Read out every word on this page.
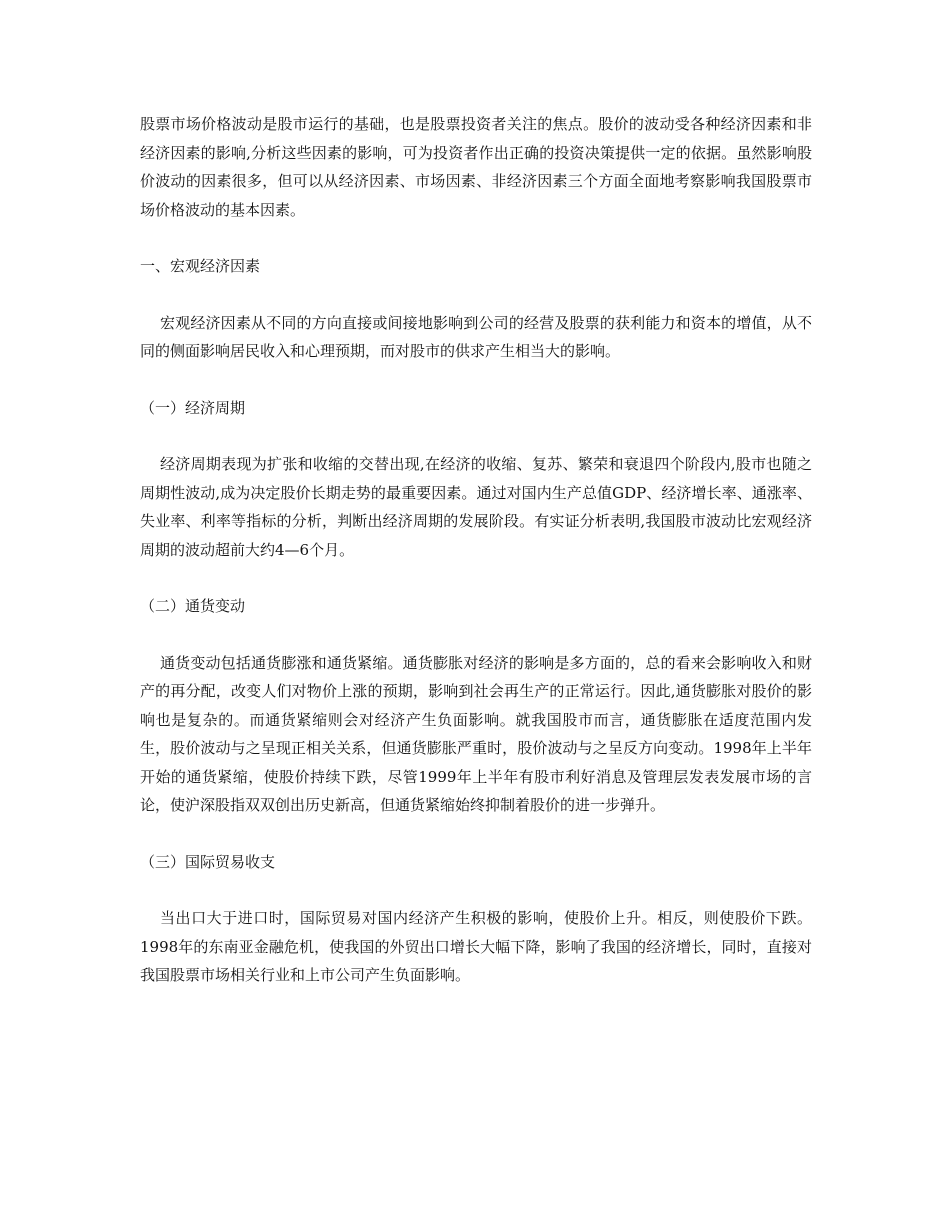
股票市场价格波动是股市运行的基础，也是股票投资者关注的焦点。股价的波动受各种经济因素和非经济因素的影响,分析这些因素的影响，可为投资者作出正确的投资决策提供一定的依据。虽然影响股价波动的因素很多，但可以从经济因素、市场因素、非经济因素三个方面全面地考察影响我国股票市场价格波动的基本因素。

一、宏观经济因素

宏观经济因素从不同的方向直接或间接地影响到公司的经营及股票的获利能力和资本的增值，从不同的侧面影响居民收入和心理预期，而对股市的供求产生相当大的影响。

（一）经济周期

经济周期表现为扩张和收缩的交替出现,在经济的收缩、复苏、繁荣和衰退四个阶段内,股市也随之周期性波动,成为决定股价长期走势的最重要因素。通过对国内生产总值GDP、经济增长率、通涨率、失业率、利率等指标的分析，判断出经济周期的发展阶段。有实证分析表明,我国股市波动比宏观经济周期的波动超前大约4—6个月。

（二）通货变动

通货变动包括通货膨涨和通货紧缩。通货膨胀对经济的影响是多方面的，总的看来会影响收入和财产的再分配，改变人们对物价上涨的预期，影响到社会再生产的正常运行。因此,通货膨胀对股价的影响也是复杂的。而通货紧缩则会对经济产生负面影响。就我国股市而言，通货膨胀在适度范围内发生，股价波动与之呈现正相关关系，但通货膨胀严重时，股价波动与之呈反方向变动。1998年上半年开始的通货紧缩，使股价持续下跌，尽管1999年上半年有股市利好消息及管理层发表发展市场的言论，使沪深股指双双创出历史新高，但通货紧缩始终抑制着股价的进一步弹升。

（三）国际贸易收支

当出口大于进口时，国际贸易对国内经济产生积极的影响，使股价上升。相反，则使股价下跌。1998年的东南亚金融危机，使我国的外贸出口增长大幅下降，影响了我国的经济增长，同时，直接对我国股票市场相关行业和上市公司产生负面影响。
